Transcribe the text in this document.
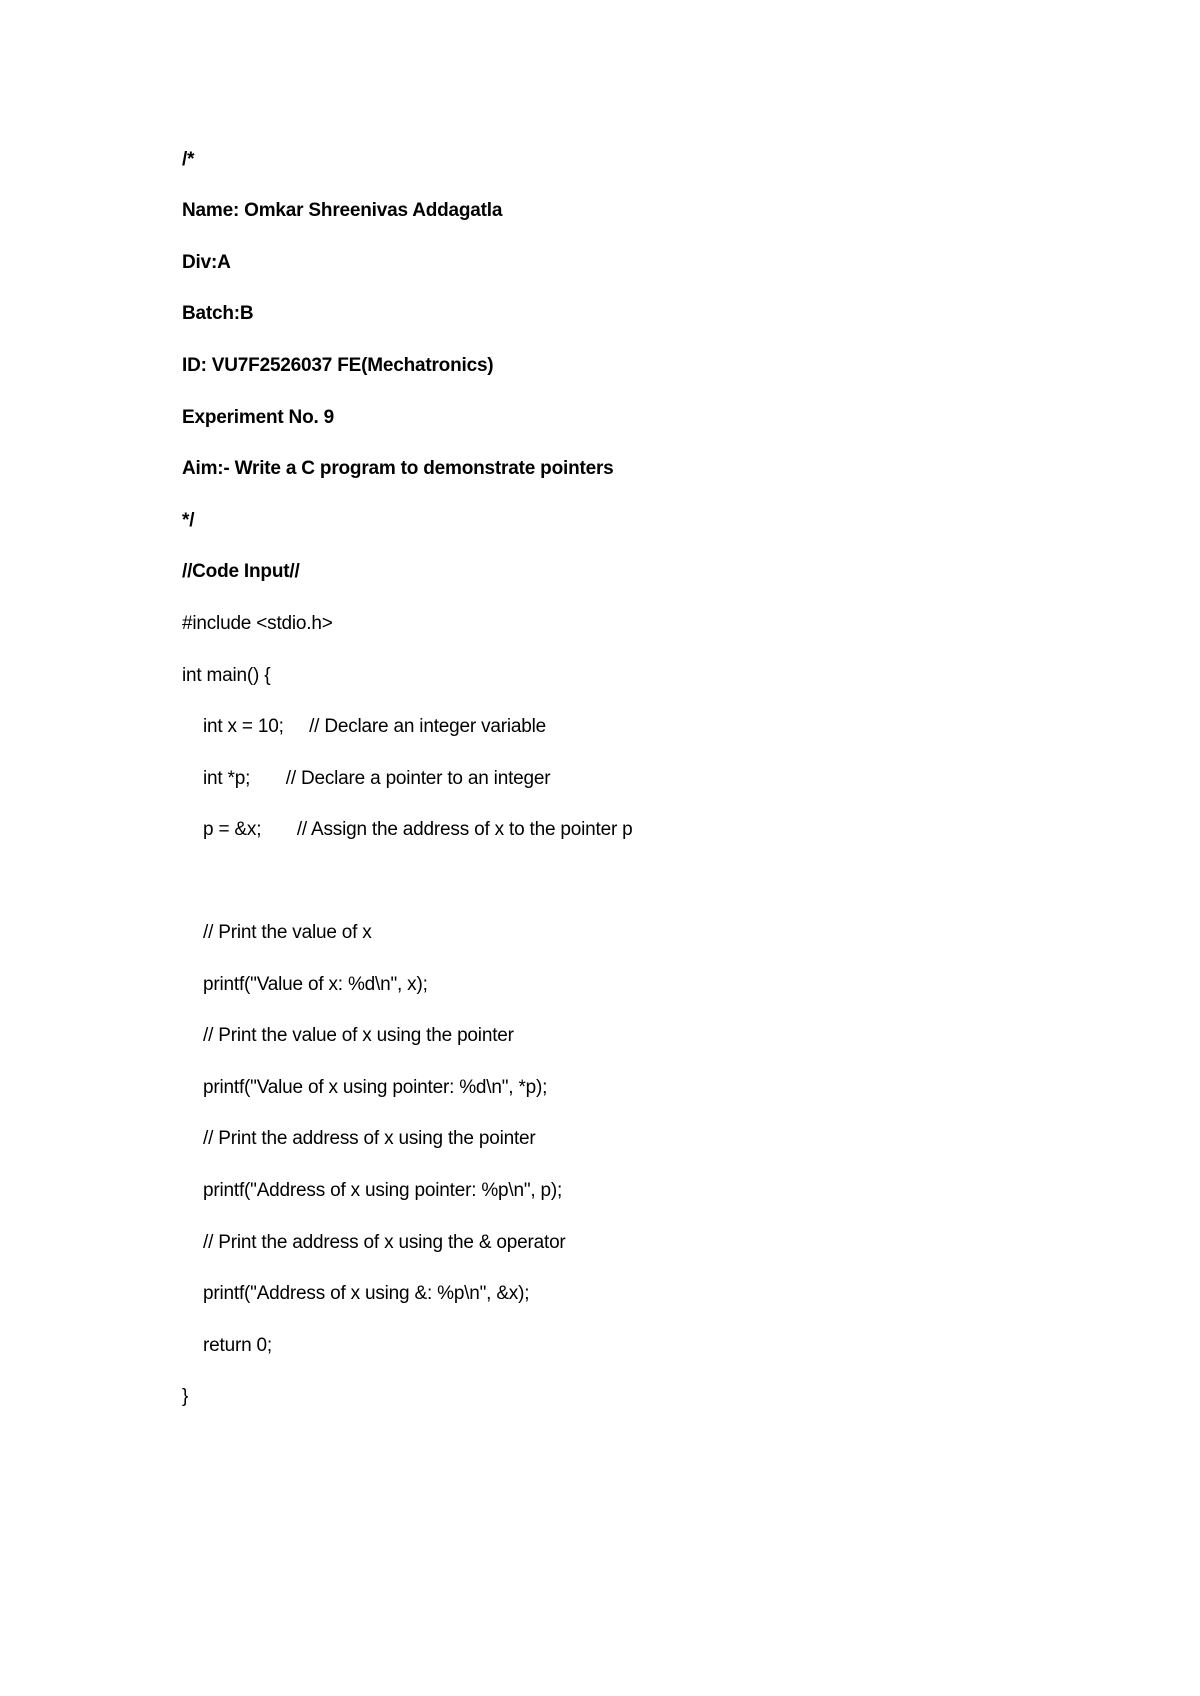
/*
Name: Omkar Shreenivas Addagatla
Div:A
Batch:B
ID: VU7F2526037 FE(Mechatronics)
Experiment No. 9
Aim:- Write a C program to demonstrate pointers
*/
//Code Input//
#include <stdio.h>
int main() {
int x = 10;     // Declare an integer variable
int *p;       // Declare a pointer to an integer
p = &x;       // Assign the address of x to the pointer p
// Print the value of x
printf("Value of x: %d\n", x);
// Print the value of x using the pointer
printf("Value of x using pointer: %d\n", *p);
// Print the address of x using the pointer
printf("Address of x using pointer: %p\n", p);
// Print the address of x using the & operator
printf("Address of x using &: %p\n", &x);
return 0;
}
